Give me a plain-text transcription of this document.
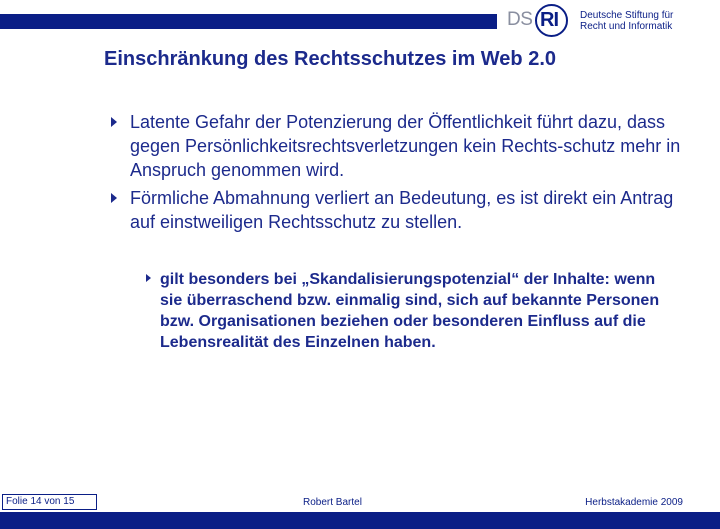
DS RI Deutsche Stiftung für
Recht und Informatik
Einschränkung des Rechtsschutzes im Web 2.0
Latente Gefahr der Potenzierung der Öffentlichkeit führt dazu, dass gegen Persönlichkeitsrechtsverletzungen kein Rechts-schutz mehr in Anspruch genommen wird.
Förmliche Abmahnung verliert an Bedeutung, es ist direkt ein Antrag auf einstweiligen Rechtsschutz zu stellen.
gilt besonders bei „Skandalisierungspotenzial“ der Inhalte: wenn sie überraschend bzw. einmalig sind, sich auf bekannte Personen bzw. Organisationen beziehen oder besonderen Einfluss auf die Lebensrealität des Einzelnen haben.
Folie 14 von 15	Robert Bartel	Herbstakademie 2009
